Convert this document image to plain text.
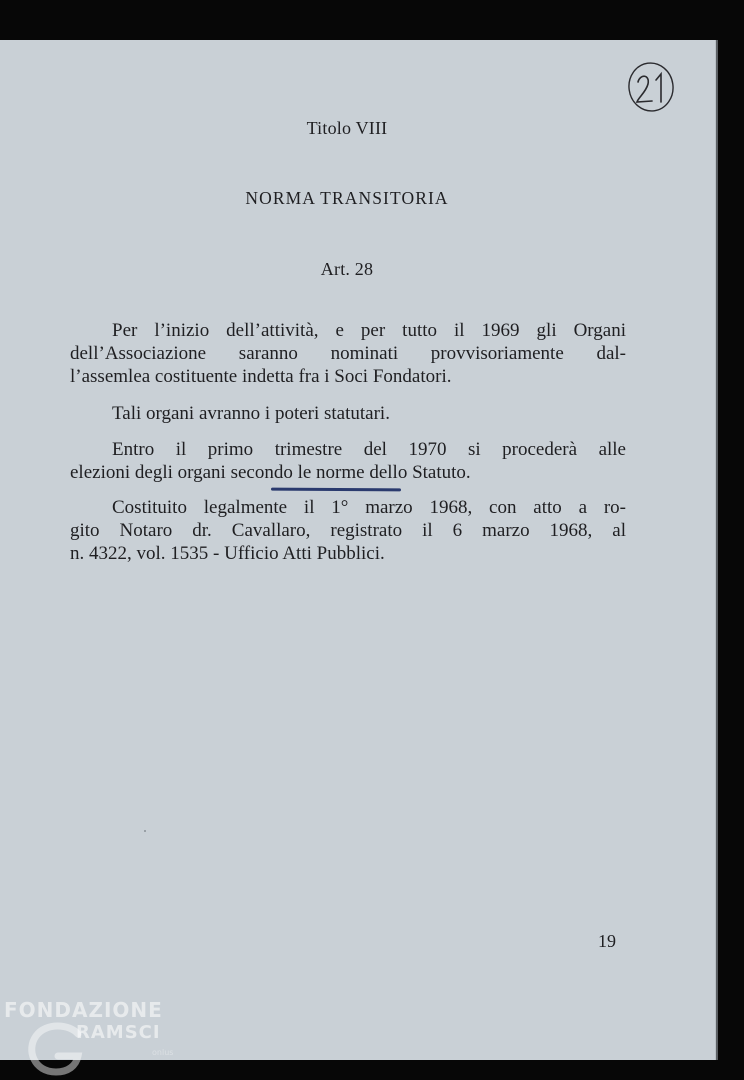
Titolo VIII
NORMA TRANSITORIA
Art. 28
Per l’inizio dell’attività, e per tutto il 1969 gli Organi
dell’Associazione saranno nominati provvisoriamente dal-
l’assemlea costituente indetta fra i Soci Fondatori.
Tali organi avranno i poteri statutari.
Entro il primo trimestre del 1970 si procederà alle
elezioni degli organi secondo le norme dello Statuto.
Costituito legalmente il 1° marzo 1968, con atto a ro-
gito Notaro dr. Cavallaro, registrato il 6 marzo 1968, al
n. 4322, vol. 1535 - Ufficio Atti Pubblici.
19
FONDAZIONE
RAMSCI
onlus
